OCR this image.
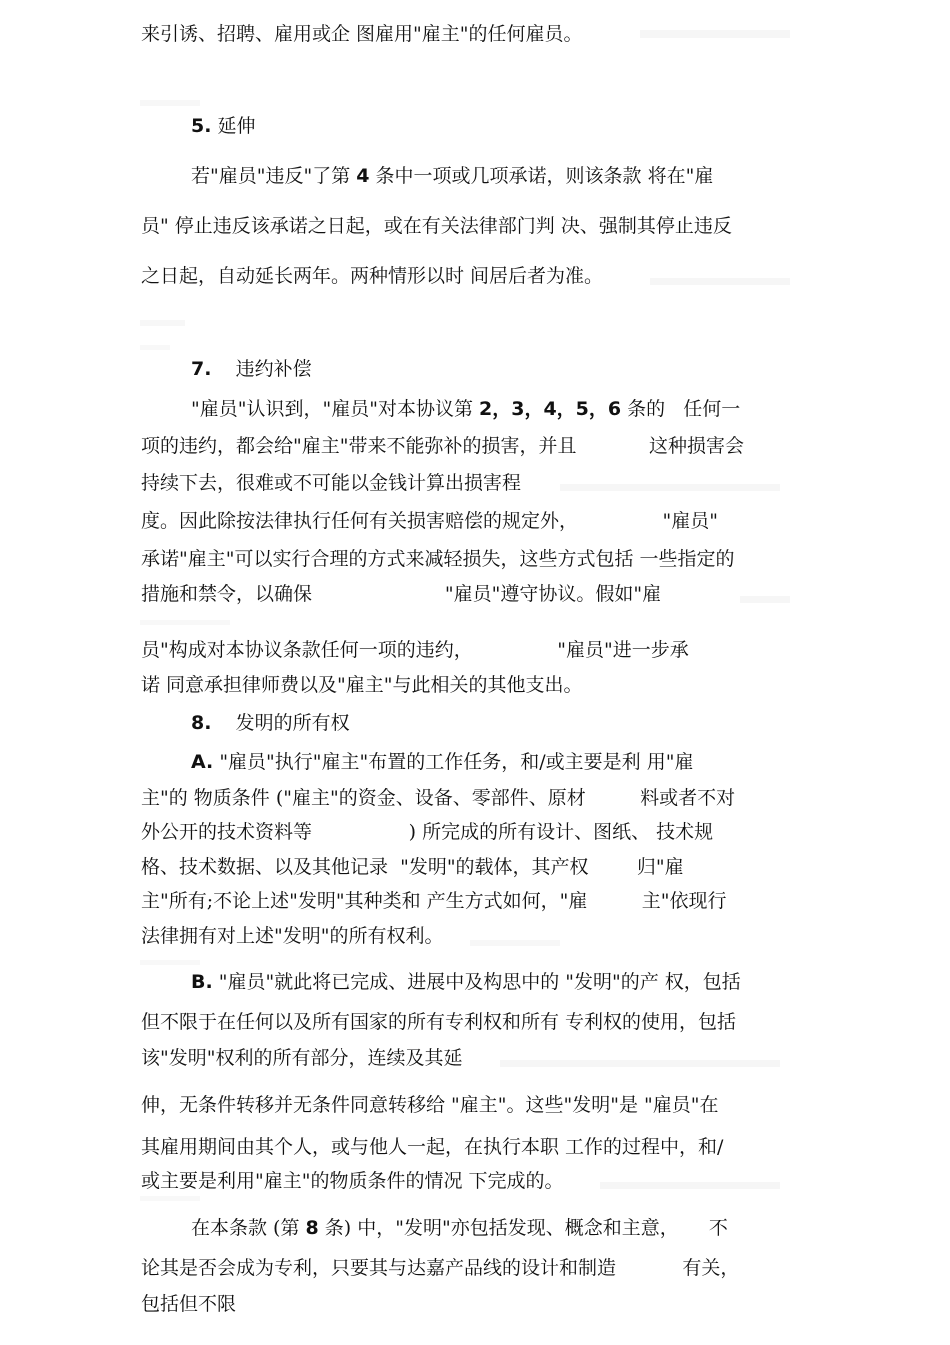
来引诱、招聘、雇用或企 图雇用"雇主"的任何雇员。
5. 延伸
若"雇员"违反"了第 4 条中一项或几项承诺，则该条款 将在"雇
员" 停止违反该承诺之日起，或在有关法律部门判 决、强制其停止违反
之日起，自动延长两年。两种情形以时 间居后者为准。
7. 违约补偿
"雇员"认识到，"雇员"对本协议第 2，3，4，5，6 条的   任何一
项的违约，都会给"雇主"带来不能弥补的损害，并且            这种损害会
持续下去，很难或不可能以金钱计算出损害程
度。因此除按法律执行任何有关损害赔偿的规定外，              "雇员"
承诺"雇主"可以实行合理的方式来减轻损失，这些方式包括 一些指定的
措施和禁令，以确保                      "雇员"遵守协议。假如"雇
员"构成对本协议条款任何一项的违约，              "雇员"进一步承
诺 同意承担律师费以及"雇主"与此相关的其他支出。
8. 发明的所有权
A. "雇员"执行"雇主"布置的工作任务，和/或主要是利 用"雇
主"的 物质条件 ("雇主"的资金、设备、零部件、原材         料或者不对
外公开的技术资料等                ) 所完成的所有设计、图纸、 技术规
格、技术数据、以及其他记录  "发明"的载体，其产权        归"雇
主"所有;不论上述"发明"其种类和 产生方式如何，"雇         主"依现行
法律拥有对上述"发明"的所有权利。
B. "雇员"就此将已完成、进展中及构思中的 "发明"的产 权，包括
但不限于在任何以及所有国家的所有专利权和所有 专利权的使用，包括
该"发明"权利的所有部分，连续及其延
伸，无条件转移并无条件同意转移给 "雇主"。这些"发明"是 "雇员"在
其雇用期间由其个人，或与他人一起，在执行本职 工作的过程中，和/
或主要是利用"雇主"的物质条件的情况 下完成的。
在本条款 (第 8 条) 中，"发明"亦包括发现、概念和主意，     不
论其是否会成为专利，只要其与达嘉产品线的设计和制造           有关，
包括但不限
